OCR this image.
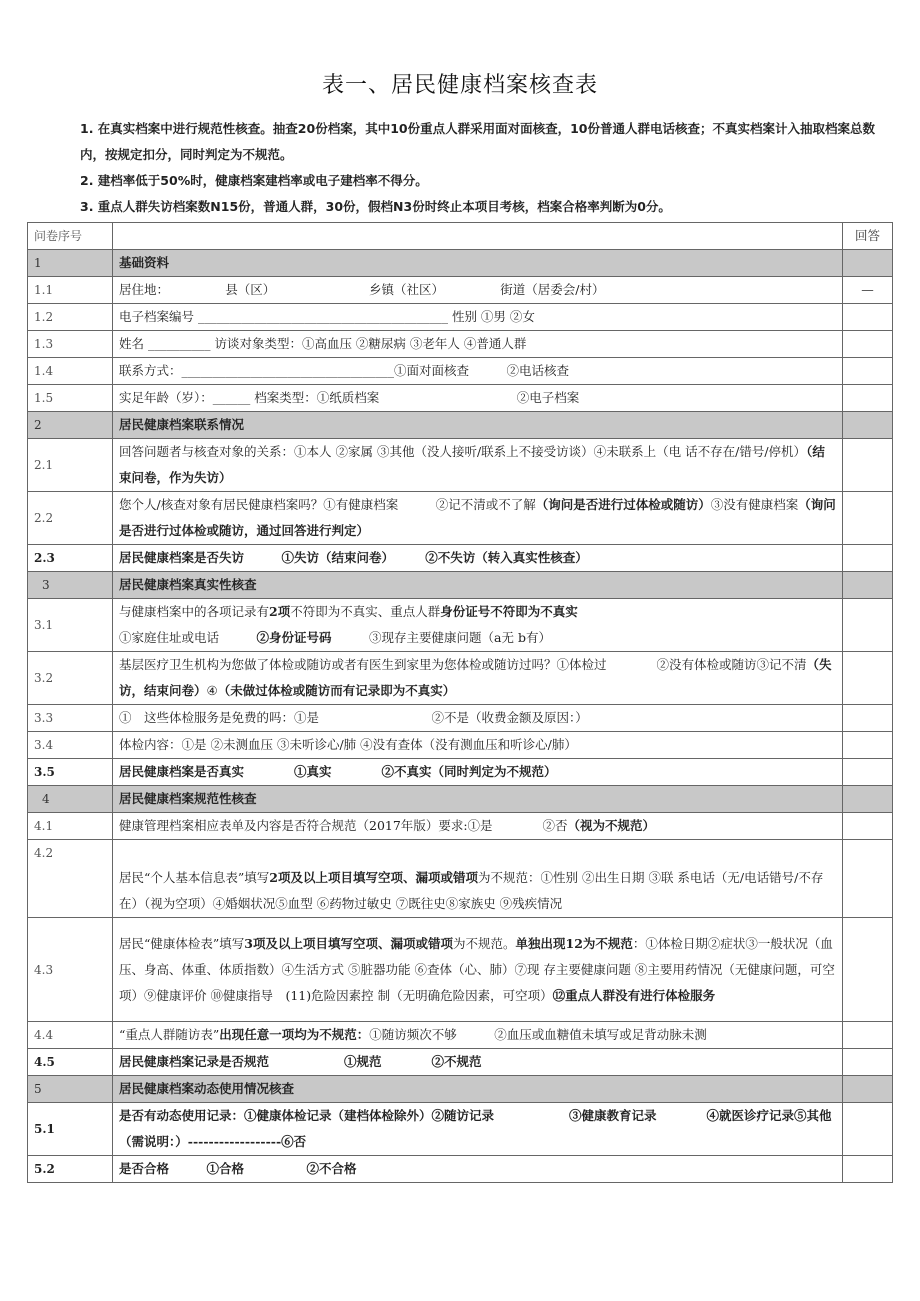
表一、居民健康档案核查表
1. 在真实档案中进行规范性核查。抽查20份档案，其中10份重点人群采用面对面核查，10份普通人群电话核查；不真实档案计入抽取档案总数内，按规定扣分，同时判定为不规范。
2. 建档率低于50%时，健康档案建档率或电子建档率不得分。
3. 重点人群失访档案数N15份，普通人群，30份，假档N3份时终止本项目考核，档案合格率判断为0分。
问卷序号		回答
1	基础资料	
1.1	居住地：　　　　　县（区）　　　　　　　　乡镇（社区）　　　　　街道（居委会/村）	—
1.2	电子档案编号 ________________________________________ 性别 ①男 ②女	
1.3	姓名 __________ 访谈对象类型：①高血压 ②糖尿病 ③老年人 ④普通人群	
1.4	联系方式：__________________________________①面对面核查　　　②电话核查	
1.5	实足年龄（岁）：______ 档案类型：①纸质档案　　　　　　　　　　　②电子档案	
2	居民健康档案联系情况	
2.1	回答问题者与核查对象的关系：①本人 ②家属 ③其他（没人接听/联系上不接受访谈）④未联系上（电 话不存在/错号/停机）（结束问卷，作为失访）	
2.2	您个人/核查对象有居民健康档案吗？①有健康档案　　　②记不清或不了解（询问是否进行过体检或随访）③没有健康档案（询问是否进行过体检或随访，通过回答进行判定）	
2.3	居民健康档案是否失访　　　①失访（结束问卷）　　　②不失访（转入真实性核查）	
3	居民健康档案真实性核查	
3.1	与健康档案中的各项记录有2项不符即为不真实、重点人群身份证号不符即为不真实
①家庭住址或电话　　　②身份证号码　　　③现存主要健康问题（a无 b有）	
3.2	基层医疗卫生机构为您做了体检或随访或者有医生到家里为您体检或随访过吗？①体检过　　　　②没有体检或随访③记不清（失访，结束问卷）④（未做过体检或随访而有记录即为不真实）	
3.3	①　这些体检服务是免费的吗：①是　　　　　　　　　②不是（收费金额及原因：）	
3.4	体检内容：①是 ②未测血压 ③未听诊心/肺 ④没有查体（没有测血压和听诊心/肺）	
3.5	居民健康档案是否真实　　　　①真实　　　　②不真实（同时判定为不规范）	
4	居民健康档案规范性核查	
4.1	健康管理档案相应表单及内容是否符合规范（2017年版）要求:①是　　　　②否（视为不规范）	
4.2	居民“个人基本信息表”填写2项及以上项目填写空项、漏项或错项为不规范：①性别 ②出生日期 ③联 系电话（无/电话错号/不存在）（视为空项）④婚姻状况⑤血型 ⑥药物过敏史 ⑦既往史⑧家族史 ⑨残疾情况	
4.3	居民“健康体检表”填写3项及以上项目填写空项、漏项或错项为不规范。单独出现12为不规范：①体检日期②症状③一般状况（血压、身高、体重、体质指数）④生活方式 ⑤脏器功能 ⑥查体（心、肺）⑦现 存主要健康问题 ⑧主要用药情况（无健康问题，可空项）⑨健康评价 ⑩健康指导　(11)危险因素控 制（无明确危险因素，可空项）⑫重点人群没有进行体检服务	
4.4	“重点人群随访表”出现任意一项均为不规范：①随访频次不够　　　②血压或血糖值未填写或足背动脉未测	
4.5	居民健康档案记录是否规范　　　　　　①规范　　　　②不规范	
5	居民健康档案动态使用情况核查	
5.1	是否有动态使用记录：①健康体检记录（建档体检除外）②随访记录　　　　　　③健康教育记录　　　　④就医诊疗记录⑤其他（需说明：）------------------⑥否	
5.2	是否合格　　　①合格　　　　　②不合格	
